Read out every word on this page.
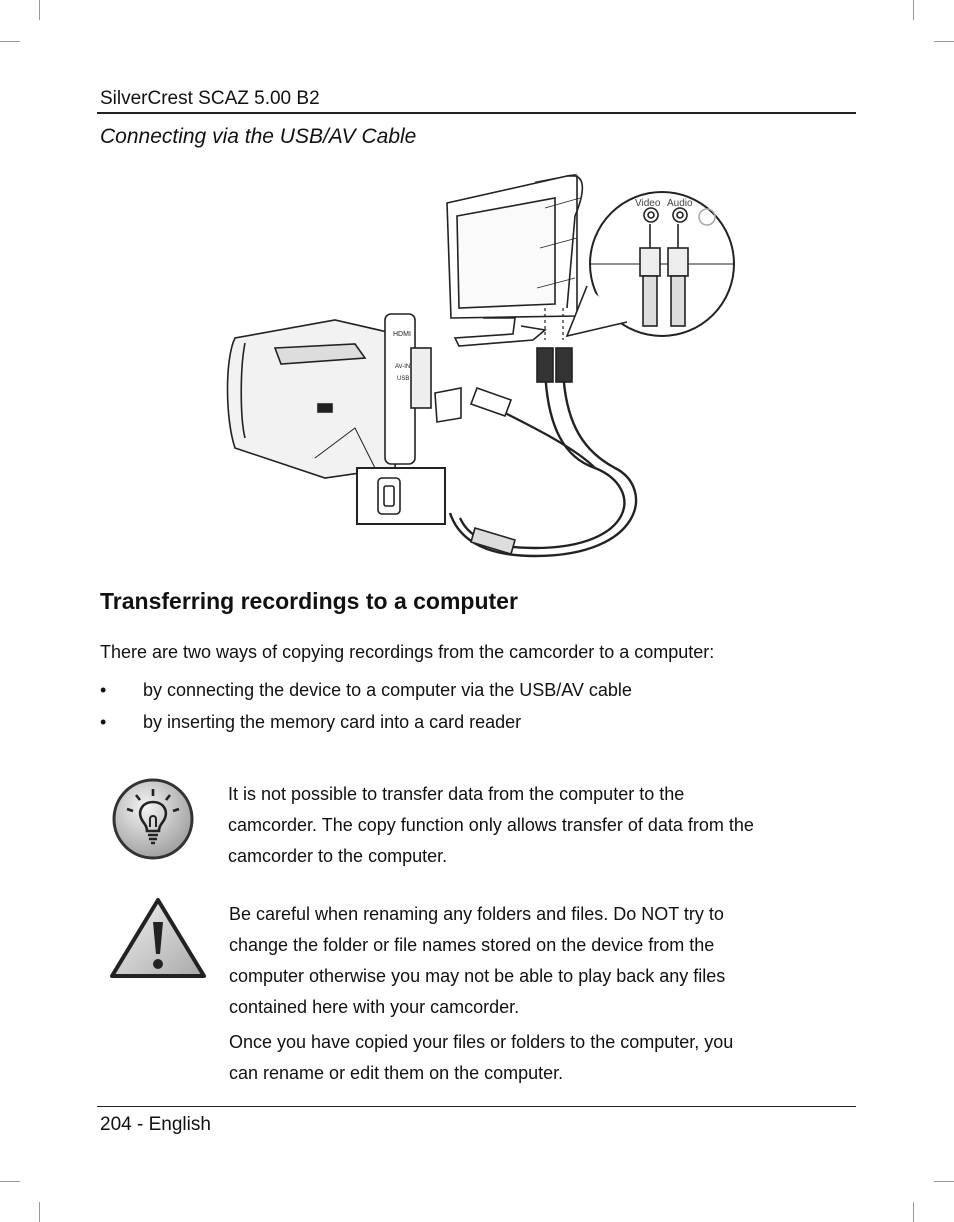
SilverCrest SCAZ 5.00 B2
Connecting via the USB/AV Cable
Video Audio
HDMI
AV-IN
USB
Transferring recordings to a computer
There are two ways of copying recordings from the camcorder to a computer:
•	by connecting the device to a computer via the USB/AV cable
•	by inserting the memory card into a card reader
It is not possible to transfer data from the computer to the
camcorder. The copy function only allows transfer of data from the
camcorder to the computer.
Be careful when renaming any folders and files. Do NOT try to
change the folder or file names stored on the device from the
computer otherwise you may not be able to play back any files
contained here with your camcorder.
Once you have copied your files or folders to the computer, you
can rename or edit them on the computer.
204 - English
